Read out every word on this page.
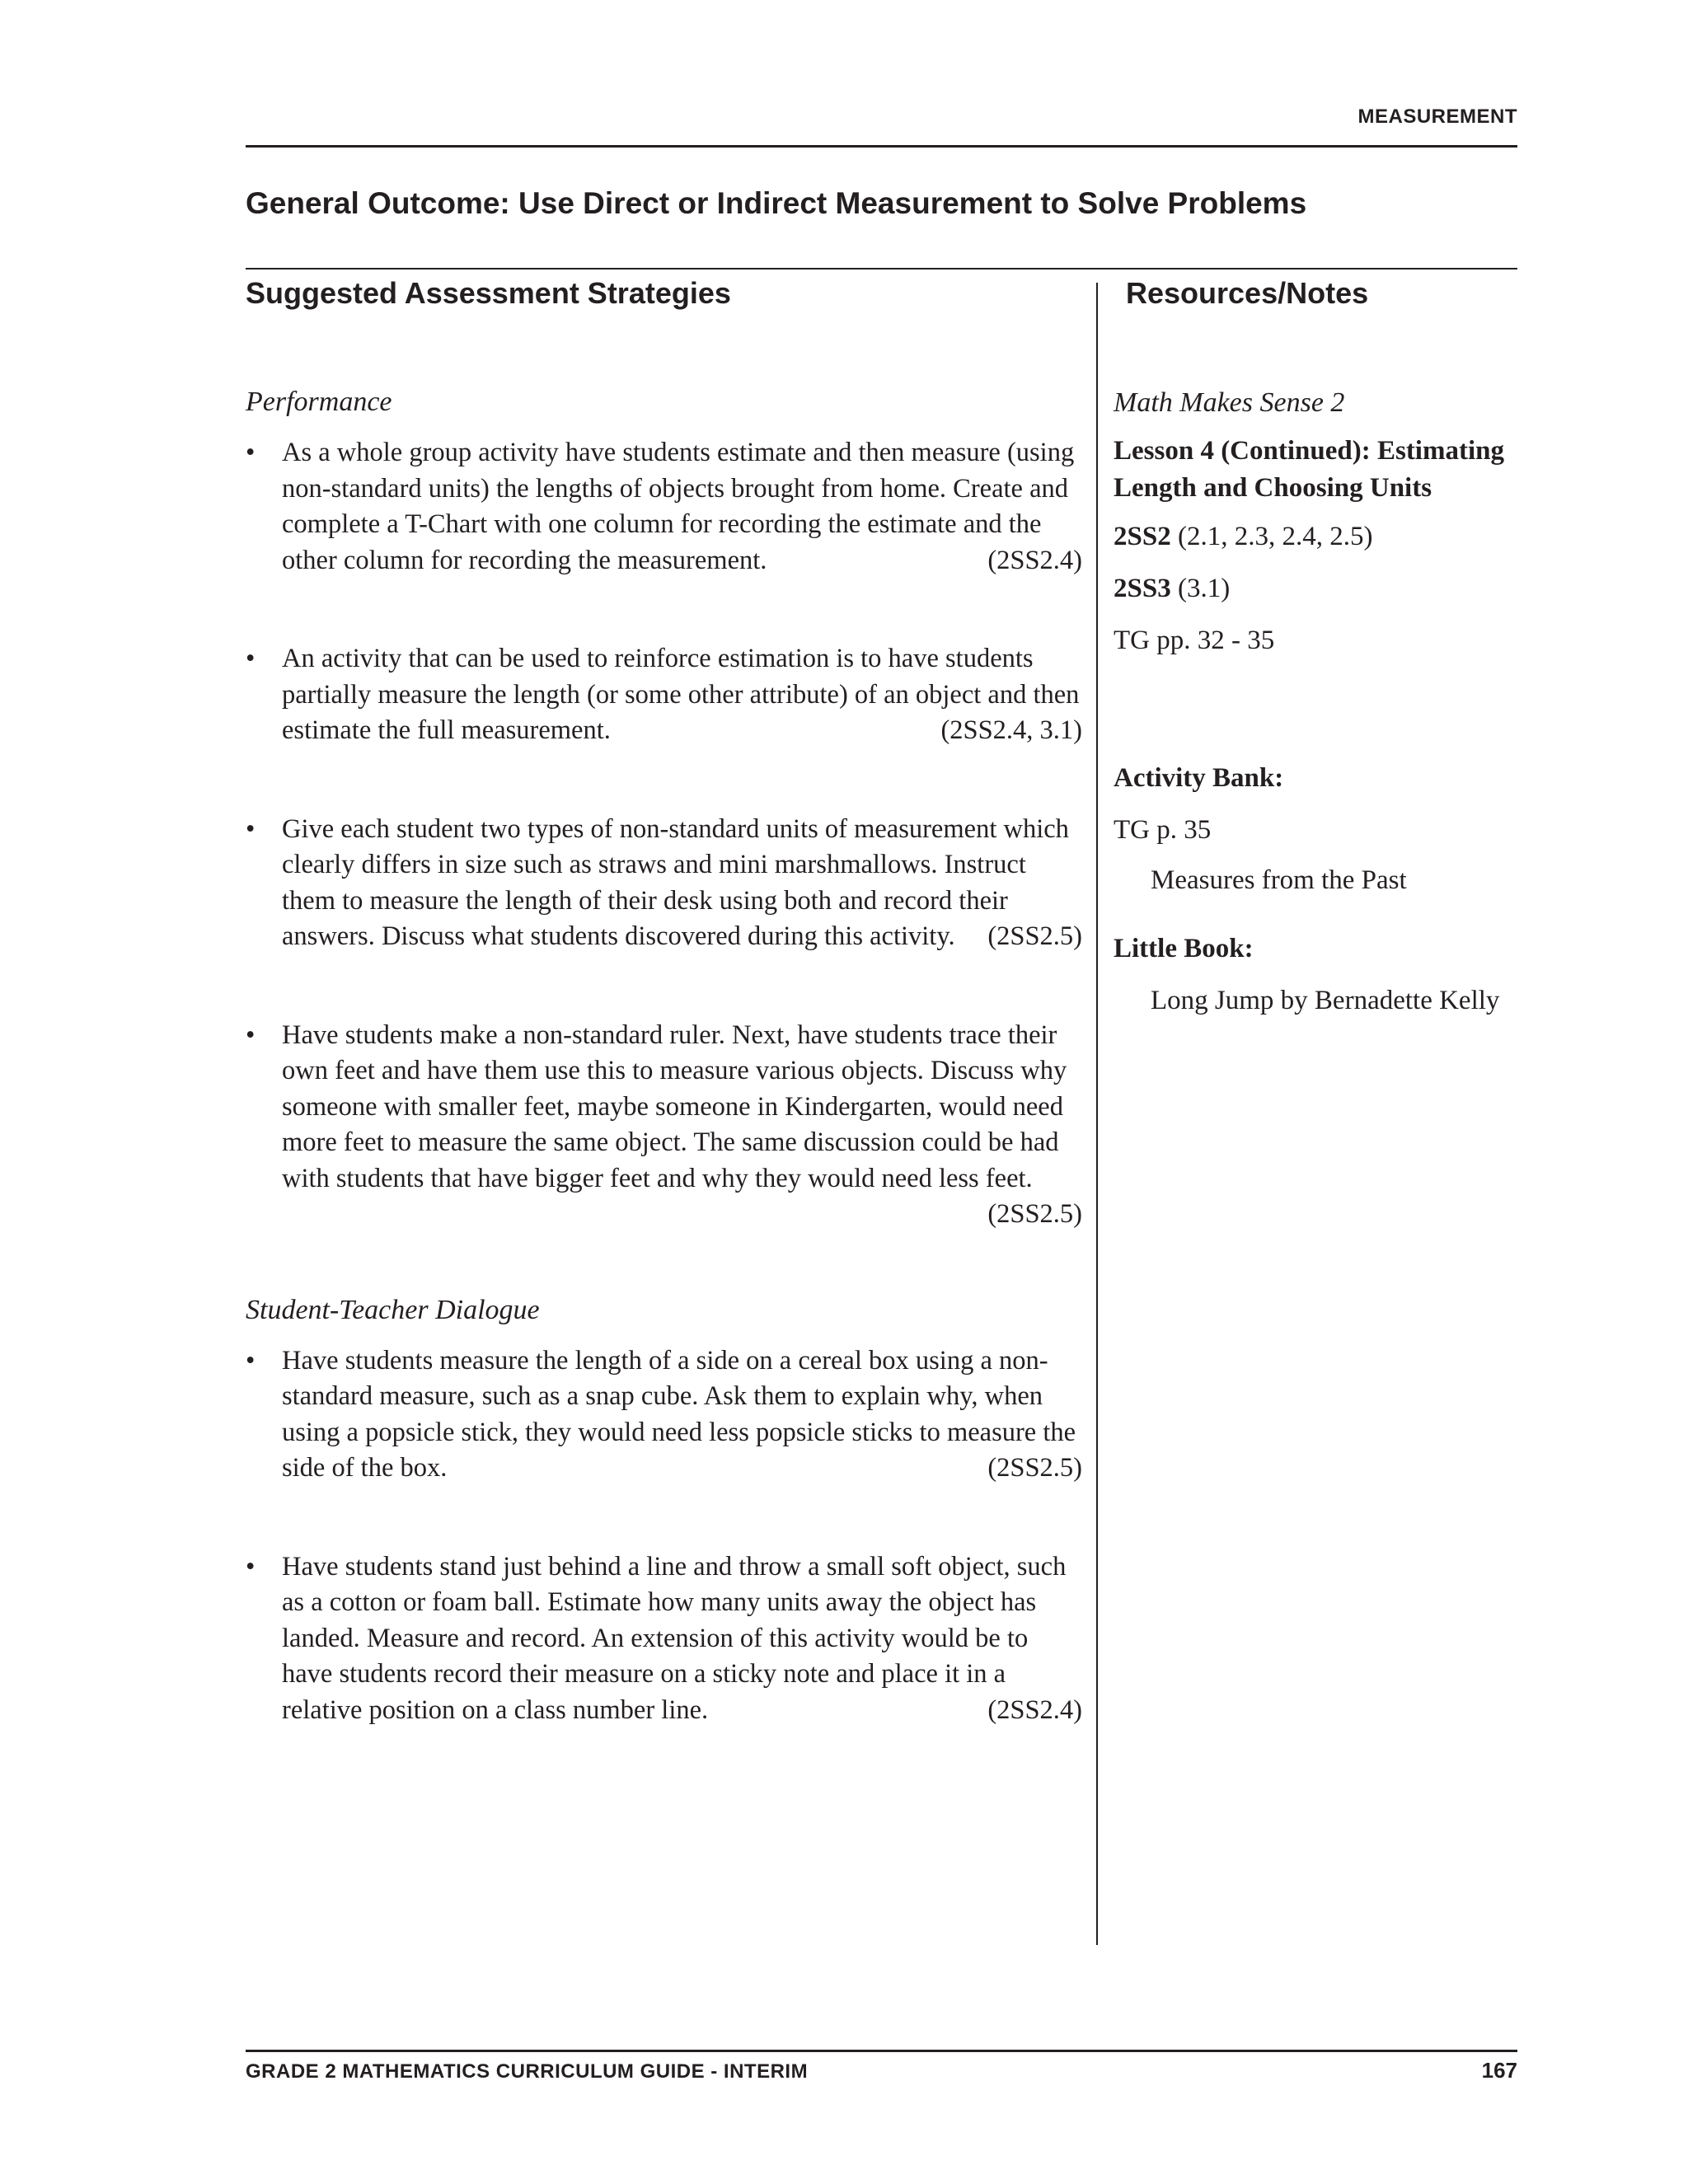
MEASUREMENT
General Outcome: Use Direct or Indirect Measurement to Solve Problems
Suggested Assessment Strategies	Resources/Notes
Performance
• As a whole group activity have students estimate and then measure (using non-standard units) the lengths of objects brought from home. Create and complete a T-Chart with one column for recording the estimate and the other column for recording the measurement.	(2SS2.4)
• An activity that can be used to reinforce estimation is to have students partially measure the length (or some other attribute) of an object and then estimate the full measurement.	(2SS2.4, 3.1)
• Give each student two types of non-standard units of measurement which clearly differs in size such as straws and mini marshmallows. Instruct them to measure the length of their desk using both and record their answers. Discuss what students discovered during this activity. (2SS2.5)
• Have students make a non-standard ruler. Next, have students trace their own feet and have them use this to measure various objects. Discuss why someone with smaller feet, maybe someone in Kindergarten, would need more feet to measure the same object. The same discussion could be had with students that have bigger feet and why they would need less feet.
(2SS2.5)
Student-Teacher Dialogue
• Have students measure the length of a side on a cereal box using a non-standard measure, such as a snap cube. Ask them to explain why, when using a popsicle stick, they would need less popsicle sticks to measure the side of the box.	(2SS2.5)
• Have students stand just behind a line and throw a small soft object, such as a cotton or foam ball. Estimate how many units away the object has landed. Measure and record. An extension of this activity would be to have students record their measure on a sticky note and place it in a relative position on a class number line.	(2SS2.4)
Math Makes Sense 2
Lesson 4 (Continued): Estimating Length and Choosing Units
2SS2 (2.1, 2.3, 2.4, 2.5)
2SS3 (3.1)
TG pp. 32 - 35
Activity Bank:
TG p. 35
Measures from the Past
Little Book:
Long Jump by Bernadette Kelly
GRADE 2 MATHEMATICS CURRICULUM GUIDE - INTERIM	167
